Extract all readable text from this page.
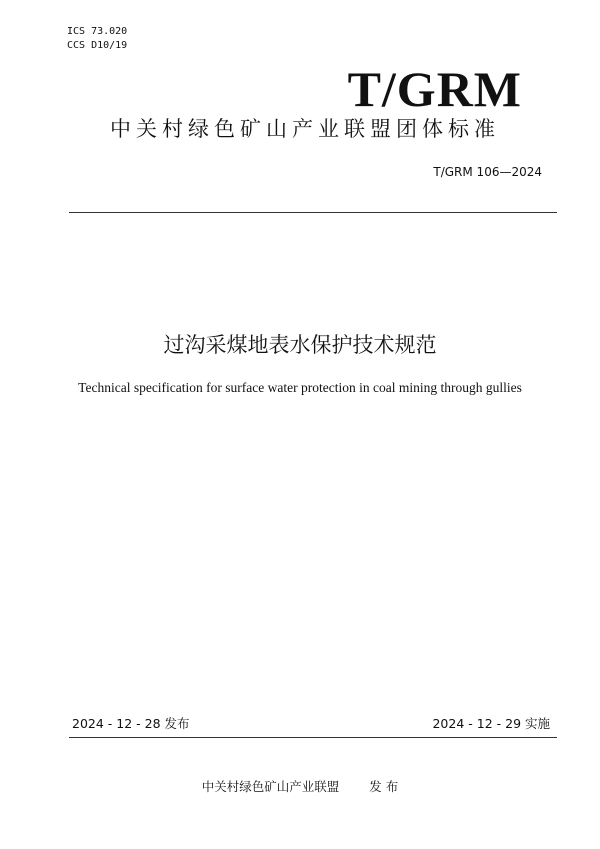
ICS 73.020
CCS D10/19
T/GRM
中关村绿色矿山产业联盟团体标准
T/GRM 106—2024
过沟采煤地表水保护技术规范
Technical specification for surface water protection in coal mining through gullies
2024 - 12 - 28 发布	2024 - 12 - 29 实施
中关村绿色矿山产业联盟 发 布
